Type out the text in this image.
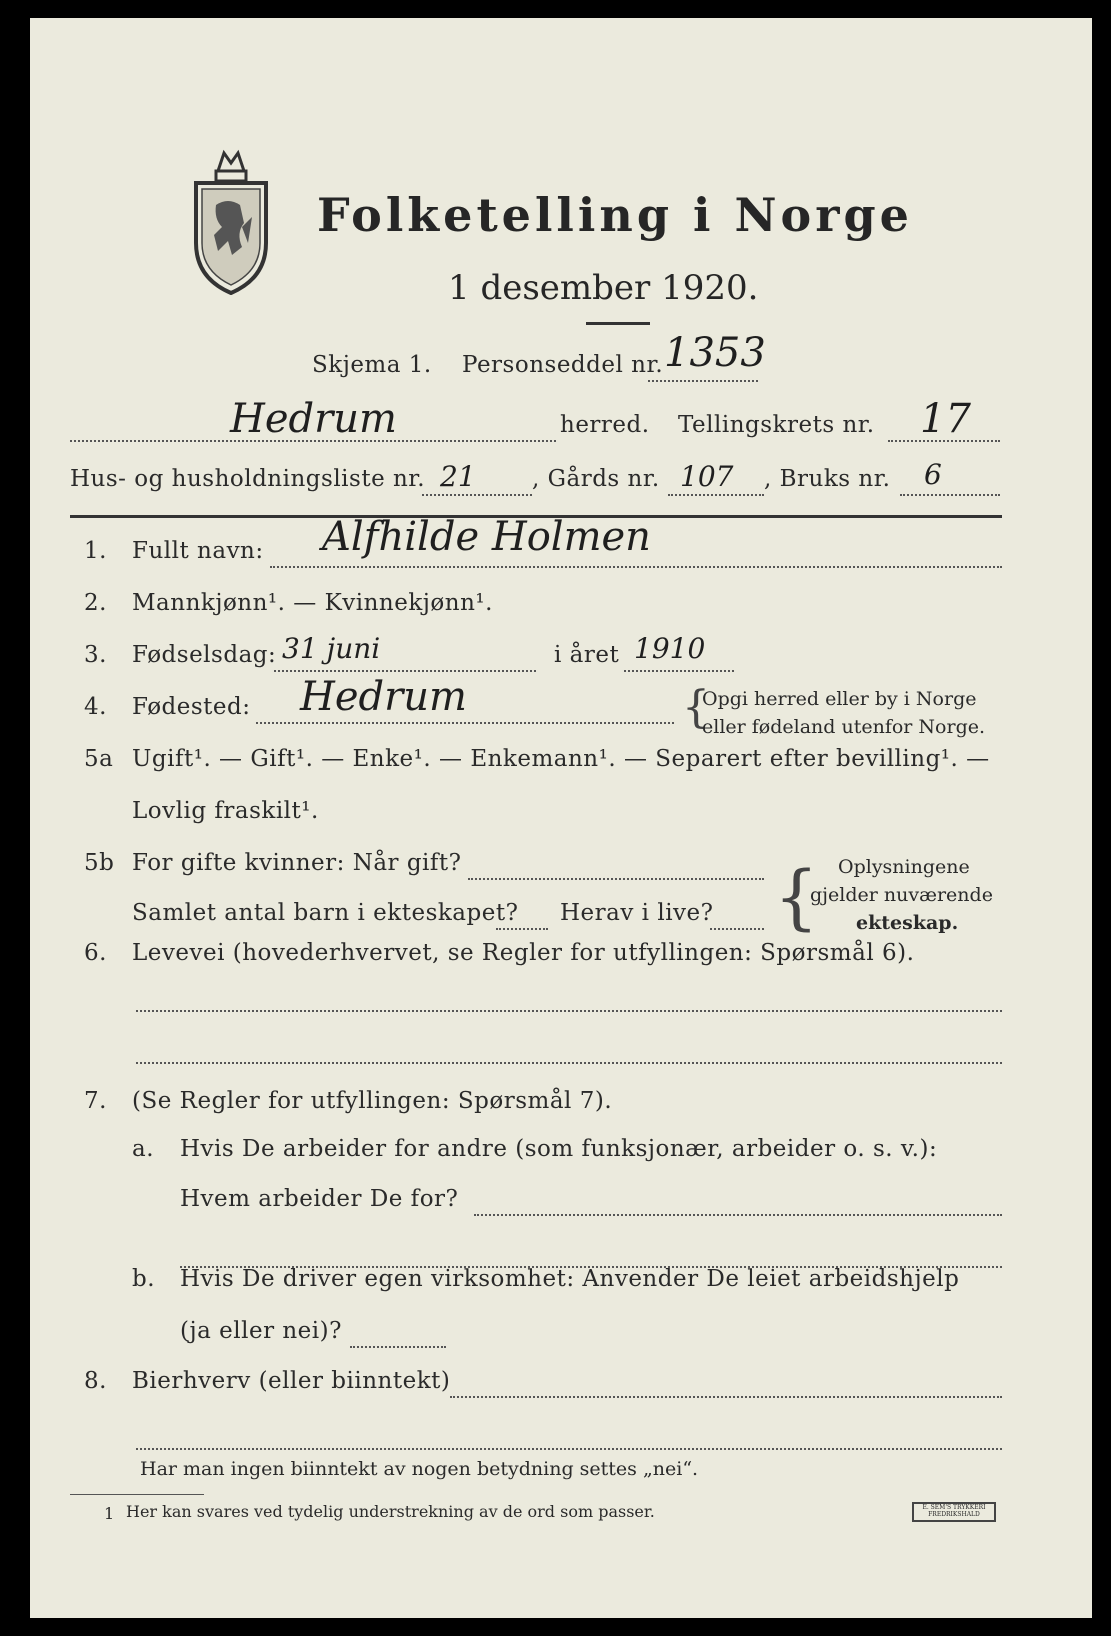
Folketelling i Norge
1 desember 1920.
Skjema 1. Personseddel nr. 1353
Hedrum	herred. Tellingskrets nr. 17
Hus- og husholdningsliste nr. 21 , Gårds nr. 107 , Bruks nr. 6
1. Fullt navn: Alfhilde Holmen
2. Mannkjønn¹. — Kvinnekjønn¹.
3. Fødselsdag: 31 juni	i året 1910
4. Fødested: Hedrum	{
Opgi herred eller by i Norge
eller fødeland utenfor Norge.
5a Ugift¹. — Gift¹. — Enke¹. — Enkemann¹. — Separert efter bevilling¹. —
Lovlig fraskilt¹.
5b For gifte kvinner: Når gift?
Samlet antal barn i ekteskapet? Herav i live? { Oplysningene
gjelder nuværende
ekteskap.
6. Levevei (hovederhvervet, se Regler for utfyllingen: Spørsmål 6).
7. (Se Regler for utfyllingen: Spørsmål 7).
a. Hvis De arbeider for andre (som funksjonær, arbeider o. s. v.):
Hvem arbeider De for?
b. Hvis De driver egen virksomhet: Anvender De leiet arbeidshjelp
(ja eller nei)?
8. Bierhverv (eller biinntekt)
Har man ingen biinntekt av nogen betydning settes „nei“.
1 Her kan svares ved tydelig understrekning av de ord som passer.	E. SEM'S TRYKKERI FREDRIKSHALD
